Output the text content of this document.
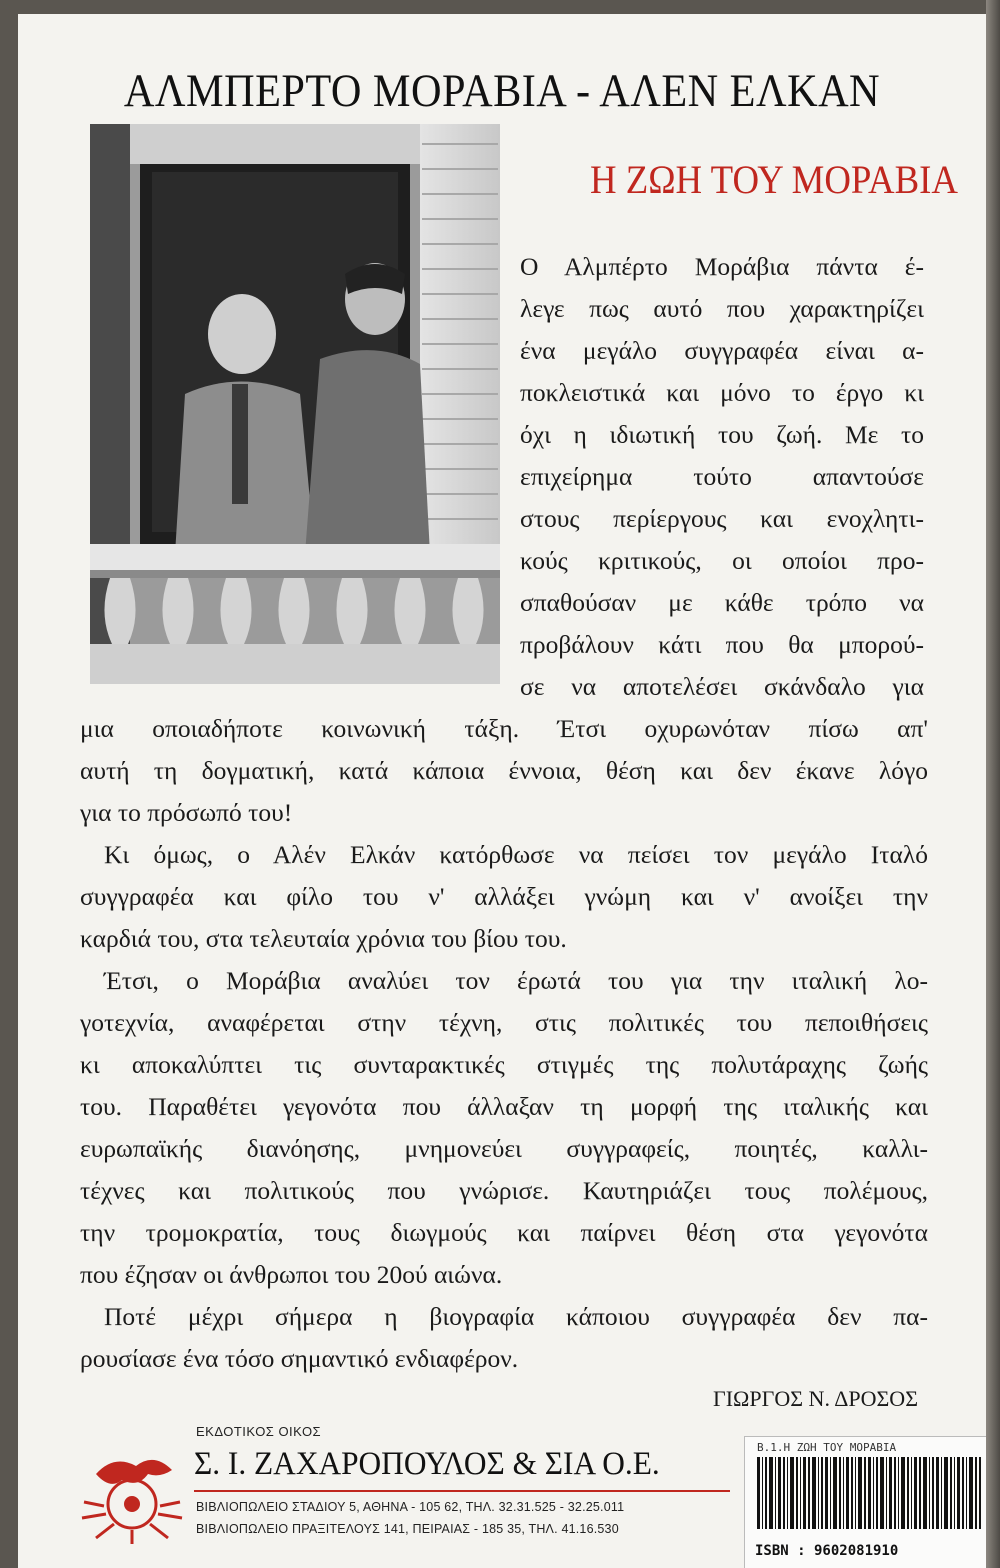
ΑΛΜΠΕΡΤΟ ΜΟΡΑΒΙΑ - ΑΛΕΝ ΕΛΚΑΝ
Η ΖΩΗ ΤΟΥ ΜΟΡΑΒΙΑ
Ο Αλμπέρτο Μοράβια πάντα έ-
λεγε πως αυτό που χαρακτηρίζει
ένα μεγάλο συγγραφέα είναι α-
ποκλειστικά και μόνο το έργο κι
όχι η ιδιωτική του ζωή. Με το
επιχείρημα τούτο απαντούσε
στους περίεργους και ενοχλητι-
κούς κριτικούς, οι οποίοι προ-
σπαθούσαν με κάθε τρόπο να
προβάλουν κάτι που θα μπορού-
σε να αποτελέσει σκάνδαλο για
μια οποιαδήποτε κοινωνική τάξη. Έτσι οχυρωνόταν πίσω απ'
αυτή τη δογματική, κατά κάποια έννοια, θέση και δεν έκανε λόγο
για το πρόσωπό του!
Κι όμως, ο Αλέν Ελκάν κατόρθωσε να πείσει τον μεγάλο Ιταλό
συγγραφέα και φίλο του ν' αλλάξει γνώμη και ν' ανοίξει την
καρδιά του, στα τελευταία χρόνια του βίου του.
Έτσι, ο Μοράβια αναλύει τον έρωτά του για την ιταλική λο-
γοτεχνία, αναφέρεται στην τέχνη, στις πολιτικές του πεποιθήσεις
κι αποκαλύπτει τις συνταρακτικές στιγμές της πολυτάραχης ζωής
του. Παραθέτει γεγονότα που άλλαξαν τη μορφή της ιταλικής και
ευρωπαϊκής διανόησης, μνημονεύει συγγραφείς, ποιητές, καλλι-
τέχνες και πολιτικούς που γνώρισε. Καυτηριάζει τους πολέμους,
την τρομοκρατία, τους διωγμούς και παίρνει θέση στα γεγονότα
που έζησαν οι άνθρωποι του 20ού αιώνα.
Ποτέ μέχρι σήμερα η βιογραφία κάποιου συγγραφέα δεν πα-
ρουσίασε ένα τόσο σημαντικό ενδιαφέρον.
ΓΙΩΡΓΟΣ Ν. ΔΡΟΣΟΣ
ΕΚΔΟΤΙΚΟΣ ΟΙΚΟΣ
Σ. Ι. ΖΑΧΑΡΟΠΟΥΛΟΣ & ΣΙΑ Ο.Ε.
ΒΙΒΛΙΟΠΩΛΕΙΟ ΣΤΑΔΙΟΥ 5, ΑΘΗΝΑ - 105 62, ΤΗΛ. 32.31.525 - 32.25.011
ΒΙΒΛΙΟΠΩΛΕΙΟ ΠΡΑΞΙΤΕΛΟΥΣ 141, ΠΕΙΡΑΙΑΣ - 185 35, ΤΗΛ. 41.16.530
Β.1.Η ΖΩΗ ΤΟΥ ΜΟΡΑΒΙΑ
ISBN : 9602081910
